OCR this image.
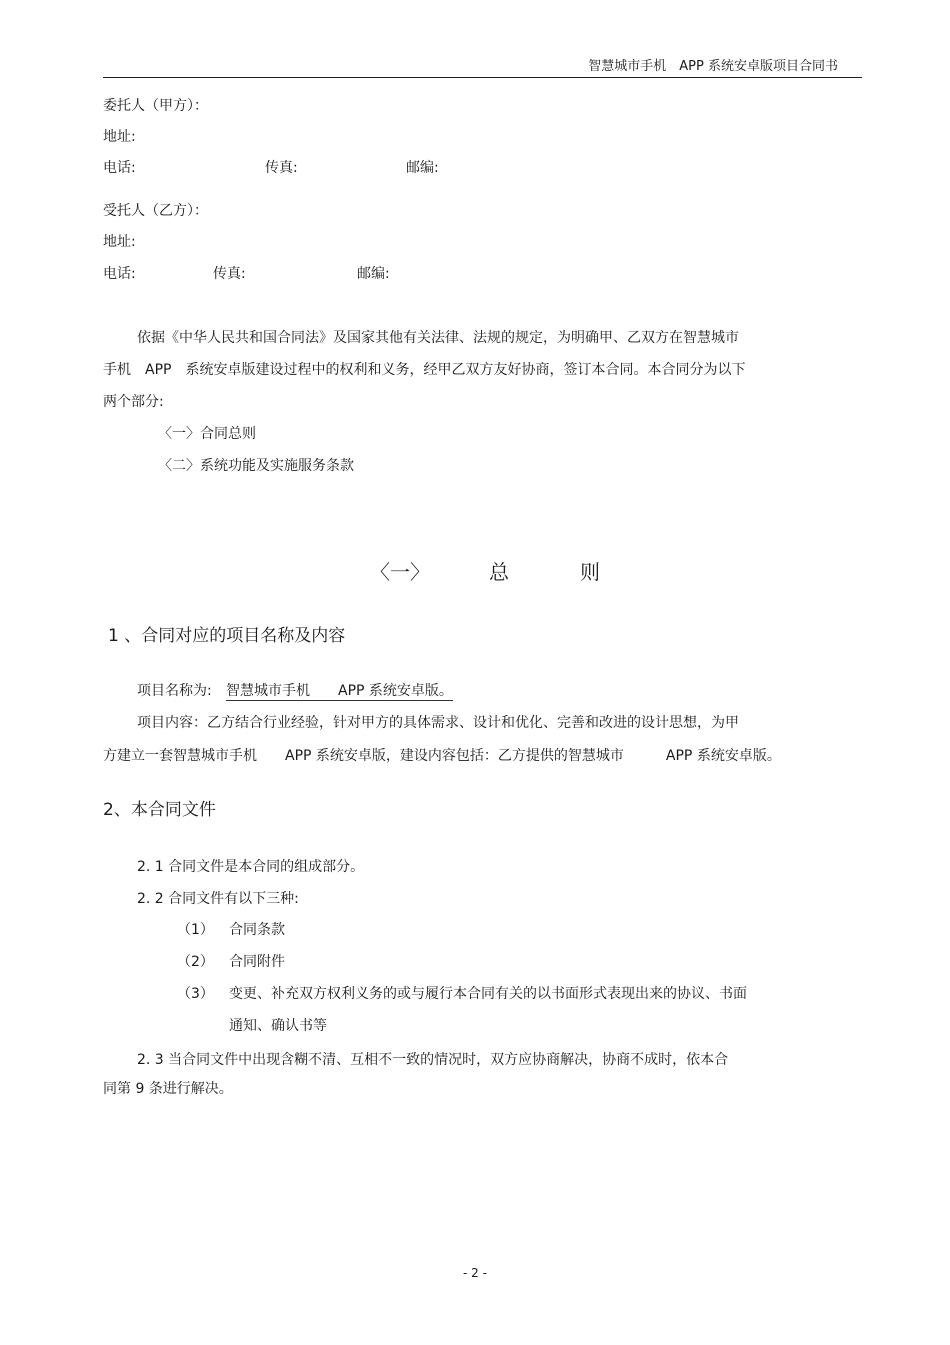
智慧城市手机　APP 系统安卓版项目合同书
委托人（甲方）：
地址:
电话:	传真:	邮编:
受托人（乙方）：
地址:
电话:	传真:	邮编:
依据《中华人民共和国合同法》及国家其他有关法律、法规的规定，为明确甲、乙双方在智慧城市
手机　APP　系统安卓版建设过程中的权利和义务，经甲乙双方友好协商，签订本合同。本合同分为以下
两个部分:
〈一〉合同总则
〈二〉系统功能及实施服务条款
〈一〉	总	则
1 、合同对应的项目名称及内容
项目名称为: 智慧城市手机　　APP 系统安卓版。
项目内容：乙方结合行业经验，针对甲方的具体需求、设计和优化、完善和改进的设计思想，为甲
方建立一套智慧城市手机　　APP 系统安卓版，建设内容包括：乙方提供的智慧城市　　　APP 系统安卓版。
2、本合同文件
2. 1 合同文件是本合同的组成部分。
2. 2 合同文件有以下三种:
（1） 合同条款
（2） 合同附件
（3） 变更、补充双方权利义务的或与履行本合同有关的以书面形式表现出来的协议、书面
通知、确认书等
2. 3 当合同文件中出现含糊不清、互相不一致的情况时，双方应协商解决，协商不成时，依本合
同第 9 条进行解决。
- 2 -
